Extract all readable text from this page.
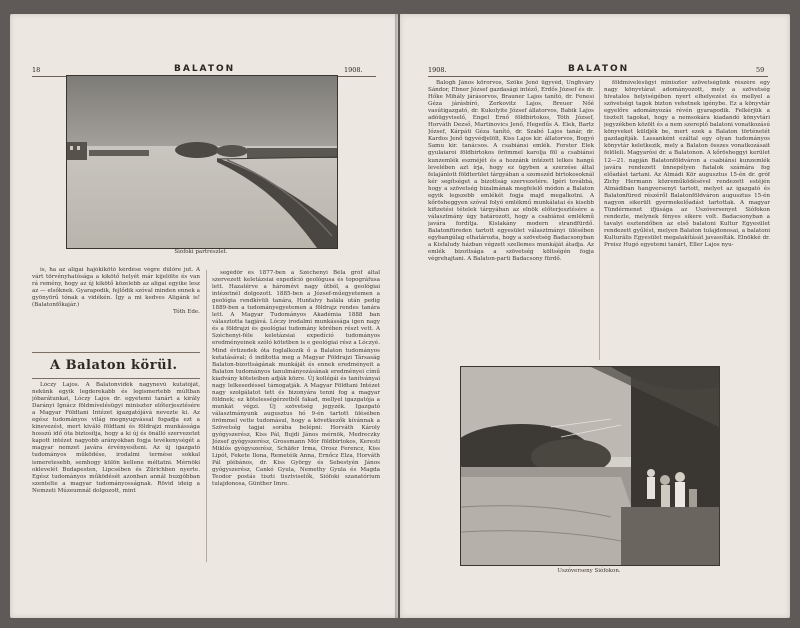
18	BALATON	1908.
Siófoki partrészlet.

is, ha az aligai hajókikötő kérdése végre dűlőre jut. A várt törvényhatósága a kikötő helyét már kijelölte és van rá remény, hogy az új kikötő közelebb az aligai egyike lesz az — elsőknek. Gyarapodik, fejlődik szóval minden ennek a gyönyörű tónak a vidékén. Így a mi kedves Aligánk is! (Balatonfőkajár.)

Tóth Ede.
A Balaton körül.

Lóczy Lajos. A Balatonvidék nagynevű kutatóját, nekünk egyik legderekabb és legismertebb múltban jóbarátunkat, Lóczy Lajos dr. egyetemi tanárt a király Darányi Ignácz földmívelésügyi miniszter előterjesztésére a Magyar Földtani Intézet igazgatójává nevezte ki. Az egész tudományos világ megnyugvással fogadja ezt a kinevezést, mert kiváló földtani és földrajzi munkássága hosszú idő óta biztosítja, hogy a ki új és önálló szervezetet kapott intézet nagyobb arányokban fogja tevékenységét a magyar nemzet javára érvényesíteni. Az új igazgató tudományos működése, irodalmi termése sokkal ismeretesebb, semhogy külön kellene méltatni. Mérnöki oklevelét Budapesten, Lipcsében és Zürichben nyerte. Egész tudományos működését azonban annál buzgóbban szentelte a magyar tudományosságnak. Rövid ideig a Nemzeti Múzeumnál dolgozott, mint

segédőr és 1877-ben a Széchenyi Béla gróf által szervezett keletázsiai expedíció geológusa és topográfusa lett. Hazatérve a háromévi nagy útból, a geológiai intézetnél dolgozott. 1885-ben a József-műegyetemen a geológia rendkívüli tanára, Hunfalvy halála után pedig 1889-ben a tudományegyetemen a földrajz rendes tanára lett. A Magyar Tudományos Akadémia 1888 ban választotta tagjává. Lóczy irodalmi munkássága igen nagy és a földrajzi és geológiai tudomány körében részt vett. A Széchenyi-féle keletázsiai expedíció tudományos eredményeinek szóló kötetben is e geológiai rész a Lóczyé. Mind évtizedek óta foglalkozik ő a Balaton tudományos kutatásával; ő indította meg a Magyar Földrajzi Társaság Balaton-bizottságának munkáját és ennek eredményeit a Balaton tudományos tanulmányozásának eredményei című kiadvány köteteiben adják közre. Új kollégái és tanítványai nagy lelkesedéssel támogatják. A Magyar Földtani Intézet nagy szolgálatot tett és bizonyára tenni fog a magyar földnek; ez kötelességérzetből fakad, mellyel igazgatója a munkát végzi. Új szövetség jegyzék. Igazgató választmányunk augusztus hó 9-én tartott ülésében örömmel vette tudomásul, hogy a következők kívánnak a Szövetség tagjai sorába belépni: Horváth Károly gyógyszerész, Kiss Pál, Bujdi János mérnök, Medreczky József gyógyszerész, Grossmann Mór földbirtokos, Keresti Miklós gyógyszerész, Schäfer Irma, Orosz Ferencz, Kiss Lipót, Fekete Ilona, Remetéik Anna, Ernőcz Elza, Horváth Pál plébános, dr. Kiss György és Sebestyén János gyógyszerész, Cankó Gyula, Nemethy Gyula és Magda Teodor postás tiszti tisztviselők, Siófoki szanatórium tulajdonosa, Günther Imre.

1908.	BALATON	59

Balogh János körorvos, Szőke Jenő ügyvéd, Unghváry Sándor, Ebner József gazdasági intéző, Erdős József és dr. Hőke Mihály járásorvos, Brauner Lajos tanító, dr. Fenesi Géza járásbíró, Zerkovitz Lajos, Breuer Nőé vasútigazgató, dr. Kukolyite József állatorvos, Babik Lajos adóügyviselő, Engel Ernő földbirtokos, Tóth József, Horváth Dezső, Martinovics Jenő, Hegedűs A. Elek, Bartz József, Kárpáti Géza tanító, dr. Szabó Lajos tanár, dr. Kardos Jenő ügyvédjelölt, Kiss Lajos kir. állatorvos, Bogyó Samu kir. tanácsos. A csabiánsi emlék. Forster Elek gyulaiaroi földbirtokos örömmel karolja föl a csabiánsi kunzemlék eszméjét és a hozzánk intézett lelkes hangú levelében azt írja, hogy ez ügyben a szerzése által felajánlott földterület tárgyában a szomszéd birtokosoknál kér segítséget a bizottság szervezetére. Igéri továbbá, hogy a szövetség bizalmának megfelelő módon a Balaton egyik legszebb emlékét fogja majd megalkotni. A kőrösheggyen szóval folyó emlékmű munkálatai és kisebb kifizetési tételek tárgyában az elnök előterjesztésére a választmány úgy határozott, hogy a csabiánsi emlékmű javára fordítja. Kislakány modern strandfürdő. Balatonfüreden tartott egyesület választmányi ülésében egybangúlag elhatározta, hogy a szövetség Badacsonyban a Kisfaludy házban végzett szellemes munkáját átadja. Az emlék bizottsága a szövetség költségén fogja végrehajtani. A Balaton-parti Badacsony fürdő.

földmívelésügyi miniszter szövetségünk részére egy nagy könyvtárat adományozott, mely a szövetség hivatalos helyiségében nyert elhelyezést és mellyel a szövetségi tagok bizton vehetnek igénybe. Ez a könyvtár egyelőre adományozás révén gyarapodik. Felkérjük a tisztelt tagokat, hogy a nemsokára kiadandó könyvtári jegyzékben közölt és a nem szereplő balatoni vonatkozású könyveket küldjék be, mert ezek a Balaton történetét gazdagítják. Lassanként ezáltal egy olyan tudományos könyvtár keletkezik, mely a Balaton összes vonatkozásait felöleli. Magyarósi dr. a Balatonon. A kőrösheggyi kerület 12—21. napján Balatonföldváron a csabiánsi kunzemlék javára rendezett ünnepélyen fiatalok számára fog előadást tartani. Az Almádi Kör augusztus 15-én dr. gróf Zichy Hermann közreműködésével rendezett estéjén Almádiban hangversenyt tartott, melyet az igazgató és Balatonfüred részéről Balatonföldváron augusztus 15-én nagyon sikerült gyermekelőadást tartottak. A magyar Tündérmenet ifjúsága az Uszóversenyet Siófokon rendezte, melynek fényes sikere volt. Badacsonyban a tavalyi esztendőben az első balatoni Kultur Egyesület rendezett gyűlést, melyen Balaton tulajdonosai, a balatoni Kulturális Egyesület megalakítását javasolták. Elnökké dr. Preisz Hugó egyetemi tanárt, Eller Lajos nyu-

Uszóverseny Siófokon.
